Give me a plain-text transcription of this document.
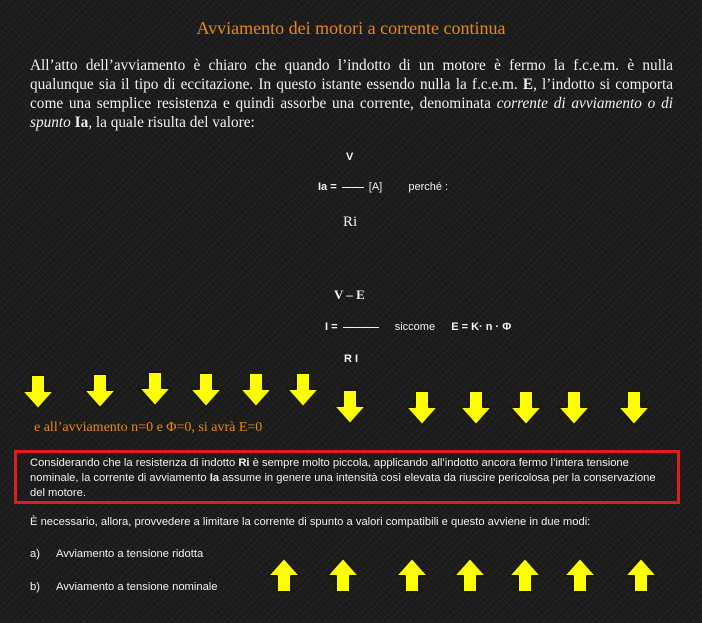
Avviamento dei motori a corrente continua
All’atto dell’avviamento è chiaro che quando l’indotto di un motore è fermo la f.c.e.m. è nulla qualunque sia il tipo di eccitazione. In questo istante essendo nulla la f.c.e.m. E, l’indotto si comporta come una semplice resistenza e quindi assorbe una corrente, denominata corrente di avviamento o di spunto Ia, la quale risulta del valore:
V
Ia =	[A] perché :
Ri
V – E
I =	siccome E = K· n · Φ
R I
e all’avviamento n=0 e Φ=0, si avrà E=0
Considerando che la resistenza di indotto Ri è sempre molto piccola, applicando all’indotto ancora fermo l’intera tensione nominale, la corrente di avviamento Ia assume in genere una intensità così elevata da riuscire pericolosa per la conservazione del motore.
È necessario, allora, provvedere a limitare la corrente di spunto a valori compatibili e questo avviene in due modi:
a) Avviamento a tensione ridotta
b) Avviamento a tensione nominale
